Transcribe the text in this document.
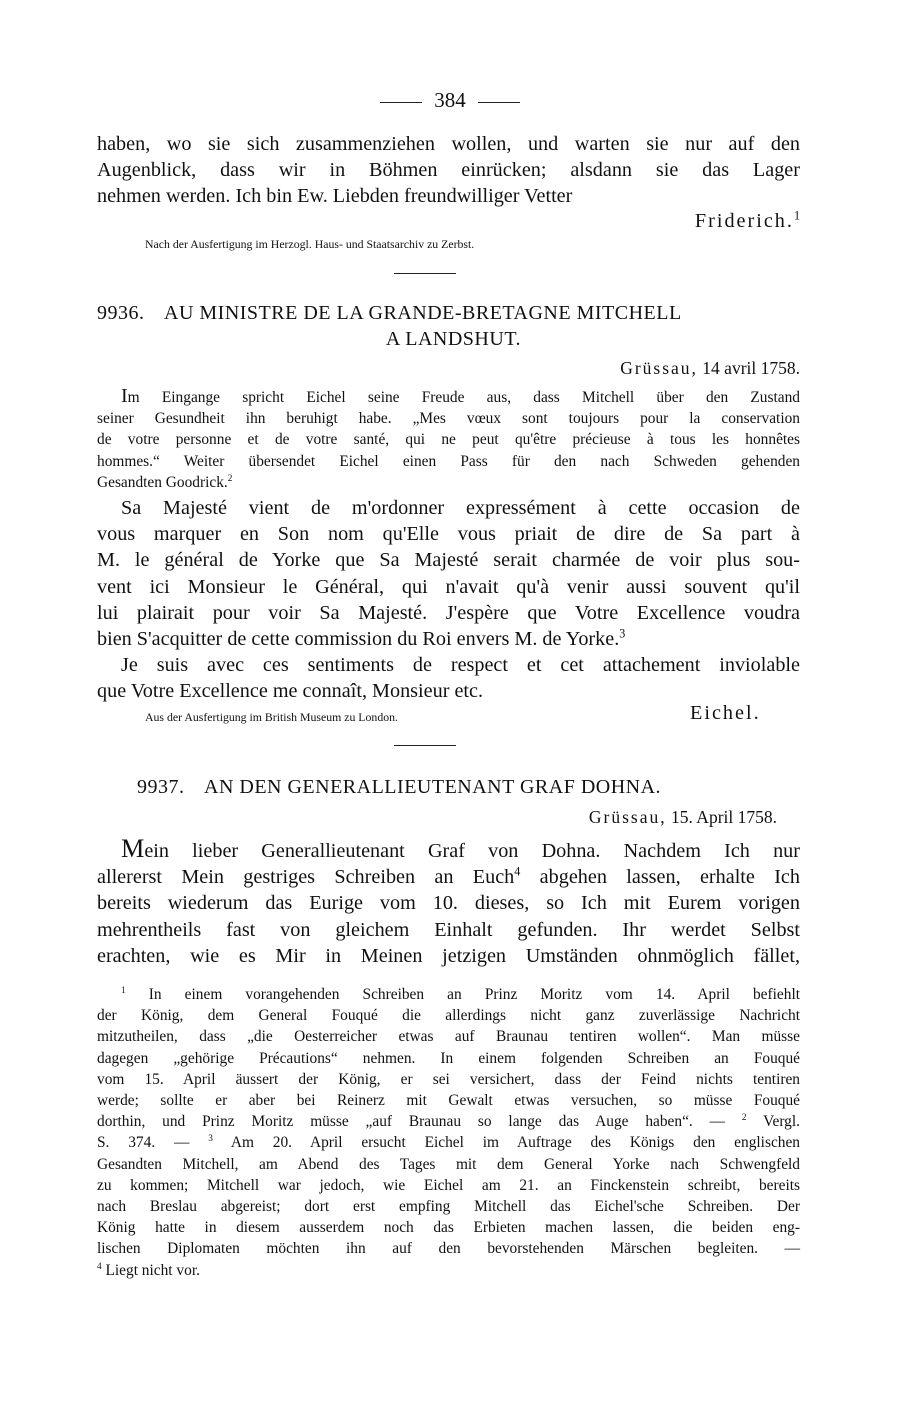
384
haben, wo sie sich zusammenziehen wollen, und warten sie nur auf den
Augenblick, dass wir in Böhmen einrücken; alsdann sie das Lager
nehmen werden. Ich bin Ew. Liebden freundwilliger Vetter
Friderich.$^1$
Nach der Ausfertigung im Herzogl. Haus- und Staatsarchiv zu Zerbst.
9936. AU MINISTRE DE LA GRANDE-BRETAGNE MITCHELL
A LANDSHUT.
Grüssau, 14 avril 1758.
Im Eingange spricht Eichel seine Freude aus, dass Mitchell über den Zustand
seiner Gesundheit ihn beruhigt habe. „Mes vœux sont toujours pour la conservation
de votre personne et de votre santé, qui ne peut qu'être précieuse à tous les honnêtes
hommes.“ Weiter übersendet Eichel einen Pass für den nach Schweden gehenden
Gesandten Goodrick.$^2$
Sa Majesté vient de m'ordonner expressément à cette occasion de
vous marquer en Son nom qu'Elle vous priait de dire de Sa part à
M. le général de Yorke que Sa Majesté serait charmée de voir plus sou-
vent ici Monsieur le Général, qui n'avait qu'à venir aussi souvent qu'il
lui plairait pour voir Sa Majesté. J'espère que Votre Excellence voudra
bien S'acquitter de cette commission du Roi envers M. de Yorke.$^3$
Je suis avec ces sentiments de respect et cet attachement inviolable
que Votre Excellence me connaît, Monsieur etc.
Aus der Ausfertigung im British Museum zu London.	Eichel.
9937. AN DEN GENERALLIEUTENANT GRAF DOHNA.
Grüssau, 15. April 1758.
Mein lieber Generallieutenant Graf von Dohna. Nachdem Ich nur
allererst Mein gestriges Schreiben an Euch$^4$ abgehen lassen, erhalte Ich
bereits wiederum das Eurige vom 10. dieses, so Ich mit Eurem vorigen
mehrentheils fast von gleichem Einhalt gefunden. Ihr werdet Selbst
erachten, wie es Mir in Meinen jetzigen Umständen ohnmöglich fället,
$^1$ In einem vorangehenden Schreiben an Prinz Moritz vom 14. April befiehlt
der König, dem General Fouqué die allerdings nicht ganz zuverlässige Nachricht
mitzutheilen, dass „die Oesterreicher etwas auf Braunau tentiren wollen“. Man müsse
dagegen „gehörige Précautions“ nehmen. In einem folgenden Schreiben an Fouqué
vom 15. April äussert der König, er sei versichert, dass der Feind nichts tentiren
werde; sollte er aber bei Reinerz mit Gewalt etwas versuchen, so müsse Fouqué
dorthin, und Prinz Moritz müsse „auf Braunau so lange das Auge haben“. — $^2$ Vergl.
S. 374. — $^3$ Am 20. April ersucht Eichel im Auftrage des Königs den englischen
Gesandten Mitchell, am Abend des Tages mit dem General Yorke nach Schwengfeld
zu kommen; Mitchell war jedoch, wie Eichel am 21. an Finckenstein schreibt, bereits
nach Breslau abgereist; dort erst empfing Mitchell das Eichel'sche Schreiben. Der
König hatte in diesem ausserdem noch das Erbieten machen lassen, die beiden eng-
lischen Diplomaten möchten ihn auf den bevorstehenden Märschen begleiten. —
$^4$ Liegt nicht vor.
